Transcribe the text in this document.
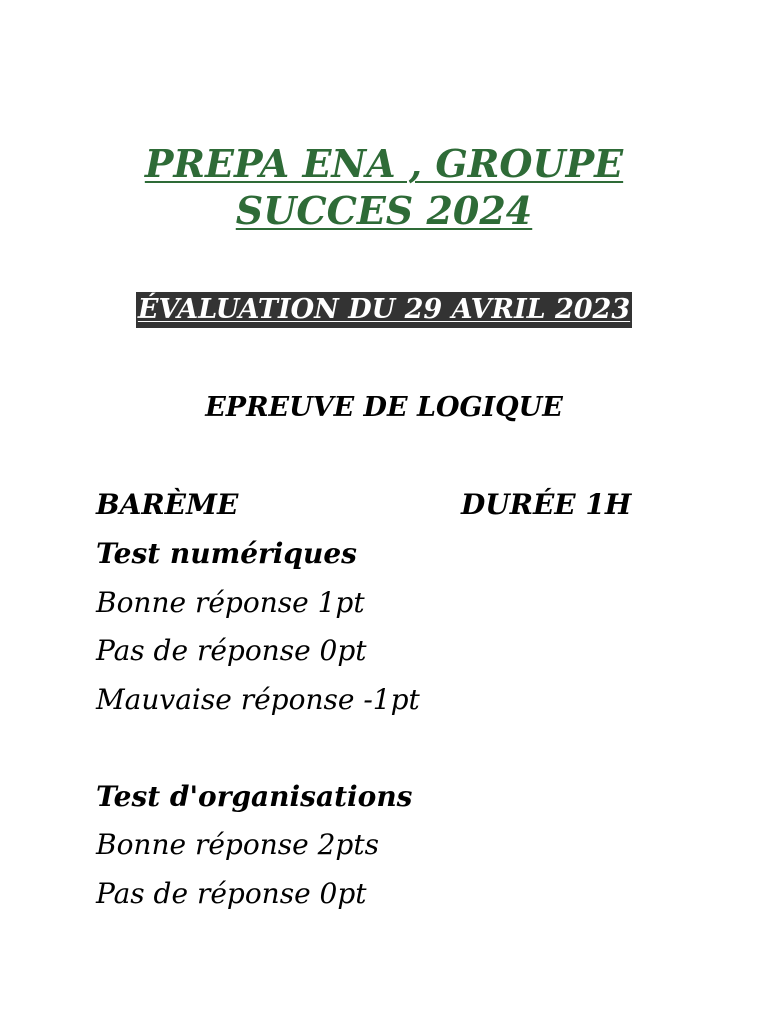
PREPA ENA , GROUPE
SUCCES 2024
ÉVALUATION DU 29 AVRIL 2023
EPREUVE DE LOGIQUE
BARÈME	DURÉE 1H
Test numériques
Bonne réponse 1pt
Pas de réponse 0pt
Mauvaise réponse -1pt
Test d'organisations
Bonne réponse 2pts
Pas de réponse 0pt
